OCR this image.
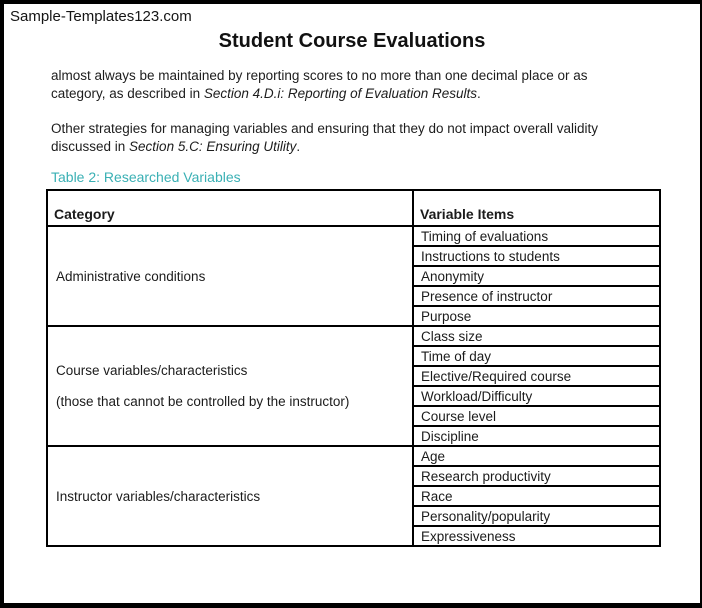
Sample-Templates123.com
Student Course Evaluations
almost always be maintained by reporting scores to no more than one decimal place or as
category, as described in Section 4.D.i: Reporting of Evaluation Results.
Other strategies for managing variables and ensuring that they do not impact overall validity
discussed in Section 5.C: Ensuring Utility.
Table 2: Researched Variables
Category	Variable Items

Administrative conditions	Timing of evaluations
	Instructions to students
	Anonymity
	Presence of instructor
	Purpose

Course variables/characteristics
(those that cannot be controlled by the instructor)	Class size
	Time of day
	Elective/Required course
	Workload/Difficulty
	Course level
	Discipline

Instructor variables/characteristics	Age
	Research productivity
	Race
	Personality/popularity
	Expressiveness
